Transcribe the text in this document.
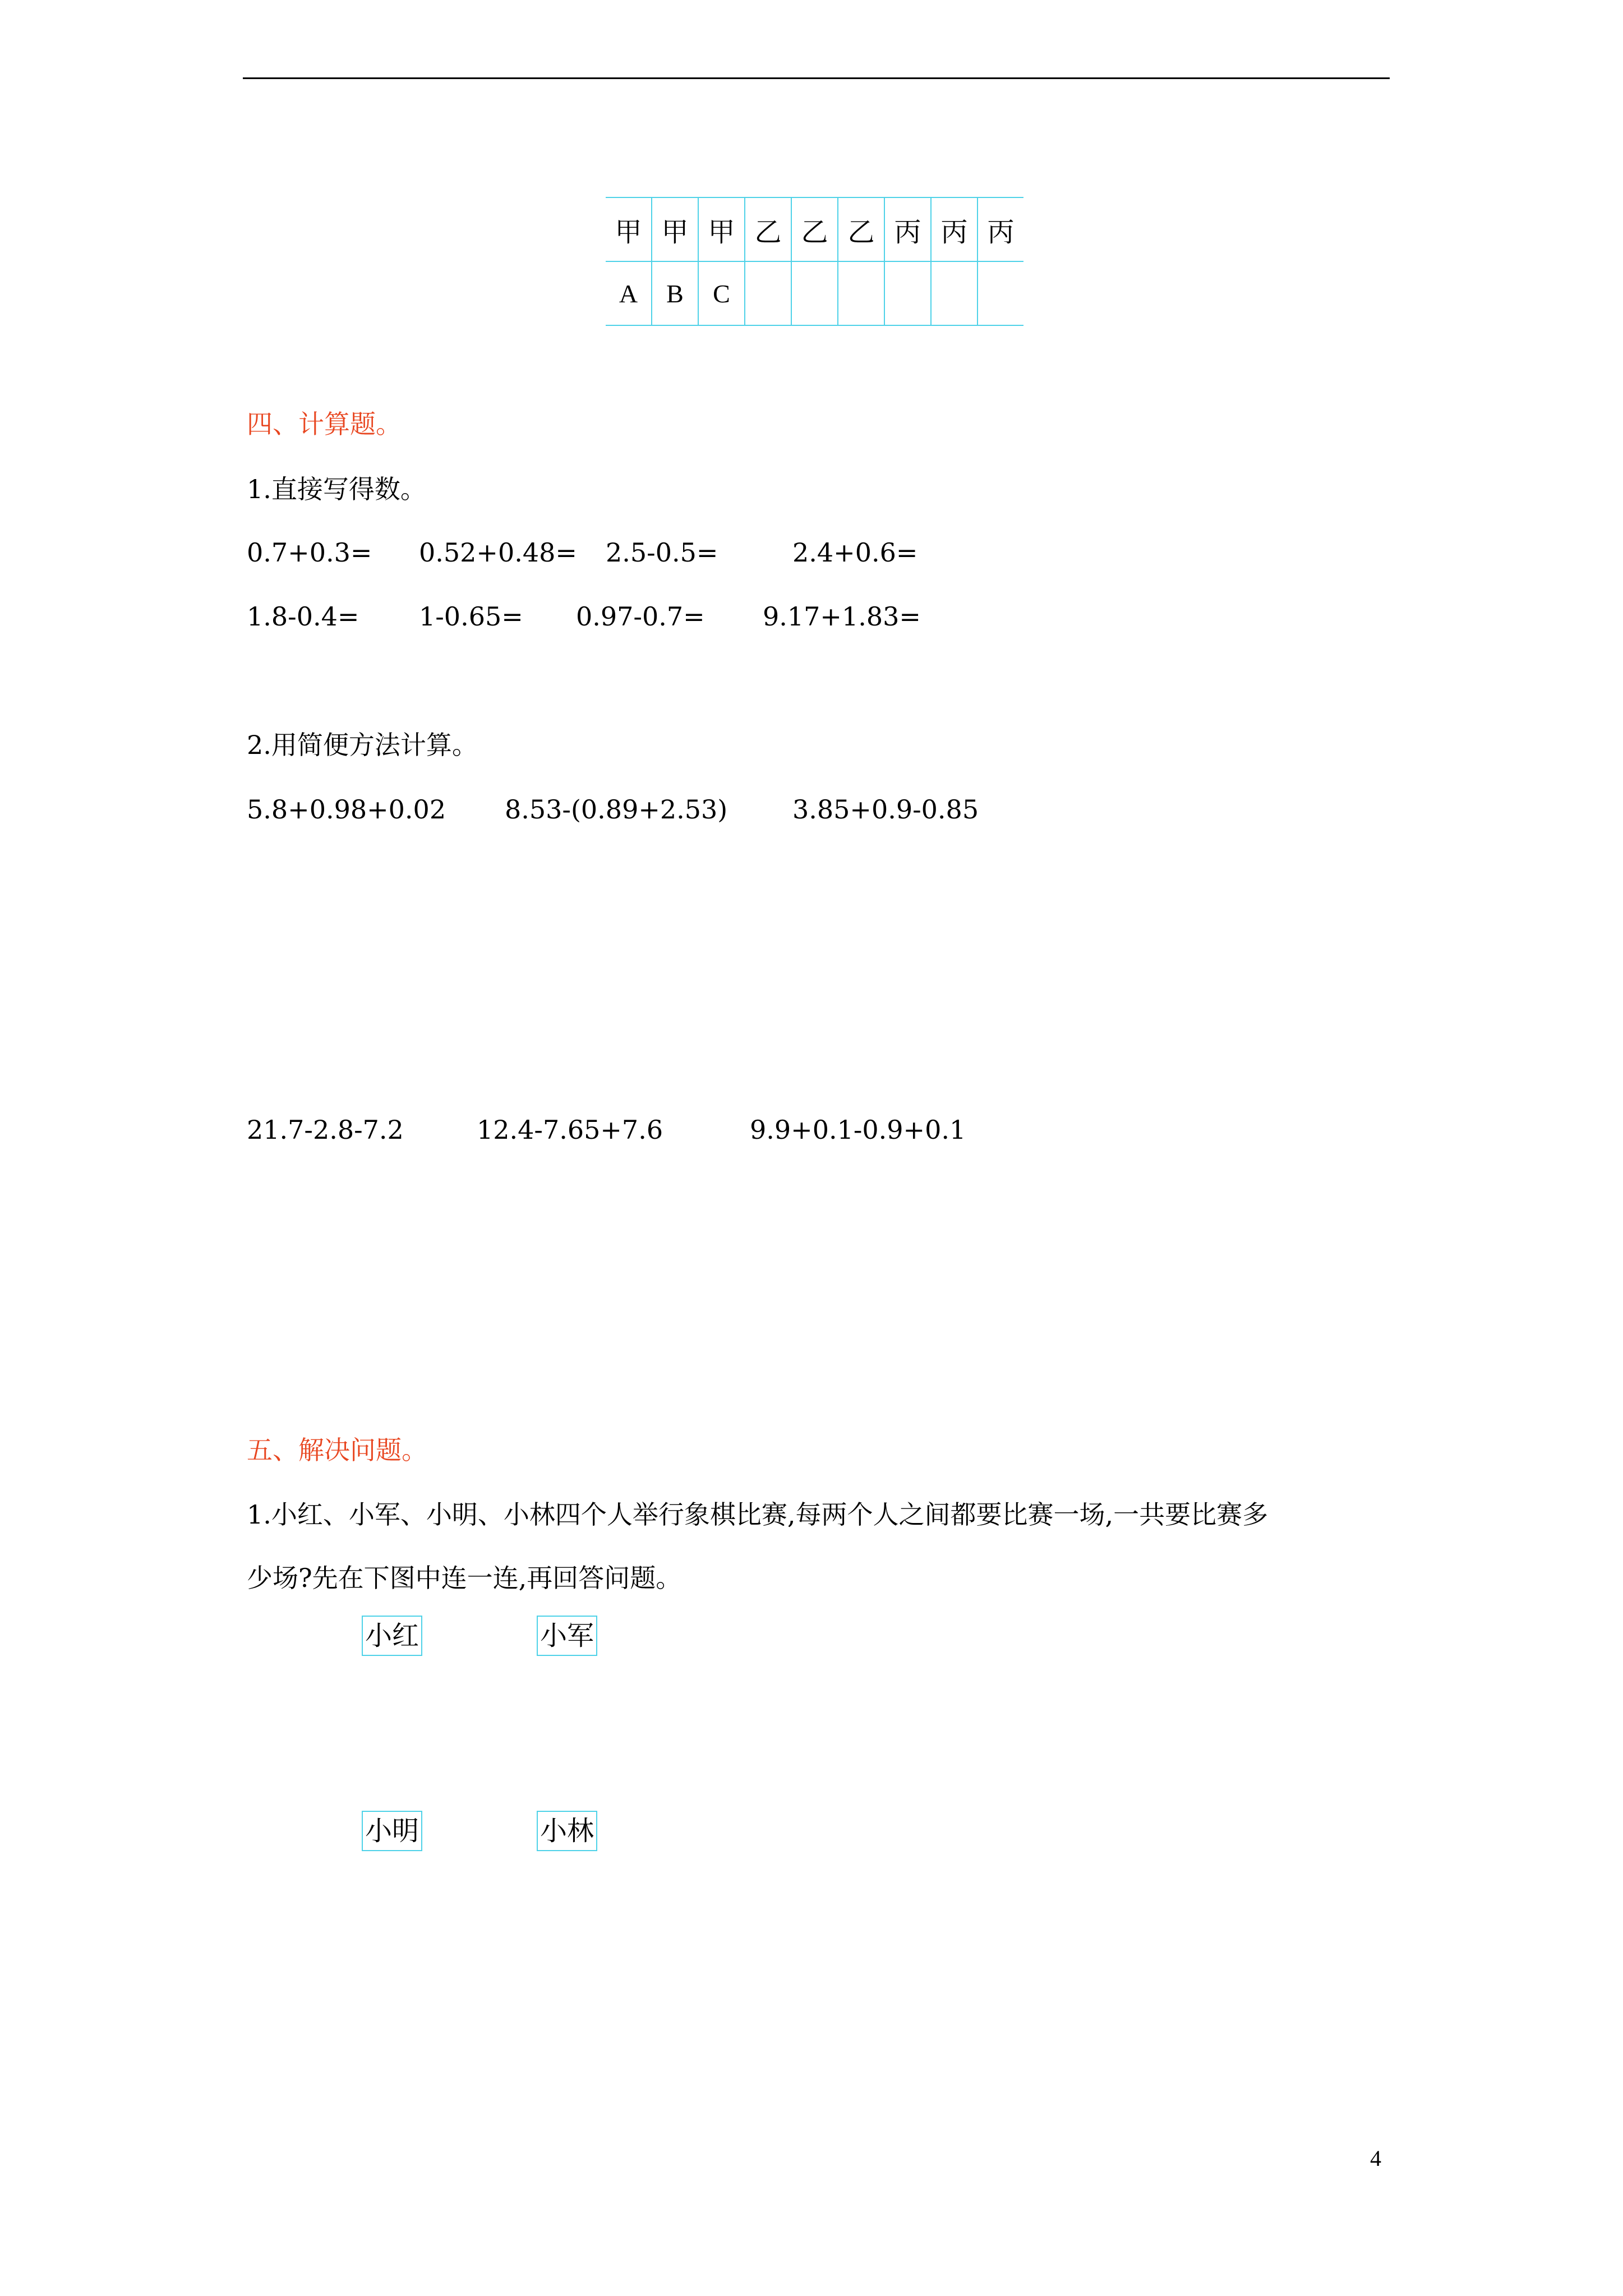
甲	甲	甲	乙	乙	乙	丙	丙	丙
A	B	C						
四、计算题。
1.直接写得数。
0.7+0.3= 0.52+0.48= 2.5-0.5=	2.4+0.6=
1.8-0.4= 1-0.65= 0.97-0.7= 9.17+1.83=
2.用简便方法计算。
5.8+0.98+0.02 8.53-(0.89+2.53)	3.85+0.9-0.85
21.7-2.8-7.2	12.4-7.65+7.6	9.9+0.1-0.9+0.1
五、解决问题。
1.小红、小军、小明、小林四个人举行象棋比赛,每两个人之间都要比赛一场,一共要比赛多
少场?先在下图中连一连,再回答问题。
小红	小军
小明	小林
4
